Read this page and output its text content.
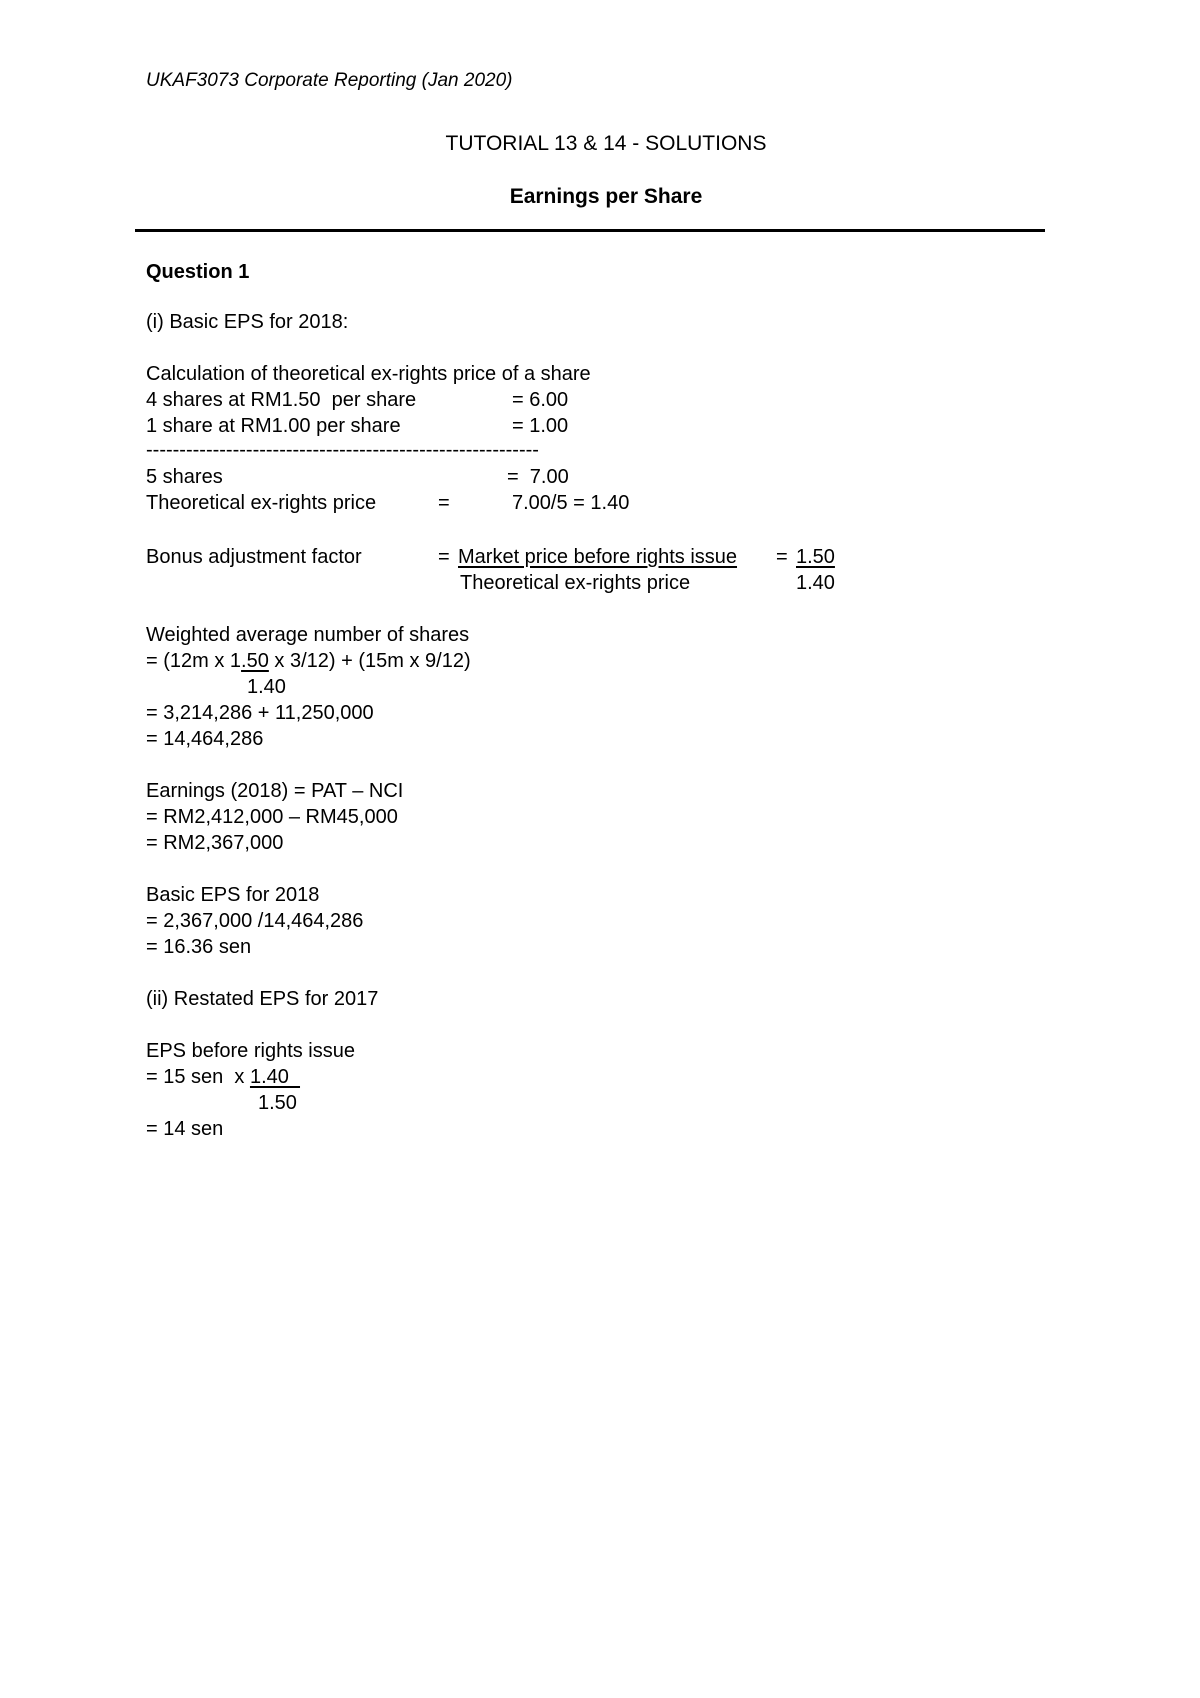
UKAF3073 Corporate Reporting (Jan 2020)
TUTORIAL 13 & 14 - SOLUTIONS
Earnings per Share
Question 1
(i) Basic EPS for 2018:
Calculation of theoretical ex-rights price of a share
4 shares at RM1.50  per share	= 6.00
1 share at RM1.00 per share	= 1.00
-----------------------------------------------------------
5 shares	=  7.00
Theoretical ex-rights price	=	7.00/5 = 1.40
Bonus adjustment factor	= Market price before rights issue = 1.50
Theoretical ex-rights price	1.40
Weighted average number of shares
= (12m x 1.50 x 3/12) + (15m x 9/12)
1.40
= 3,214,286 + 11,250,000
= 14,464,286
Earnings (2018) = PAT – NCI
= RM2,412,000 – RM45,000
= RM2,367,000
Basic EPS for 2018
= 2,367,000 /14,464,286
= 16.36 sen
(ii) Restated EPS for 2017
EPS before rights issue
= 15 sen  x 1.40
1.50
= 14 sen
